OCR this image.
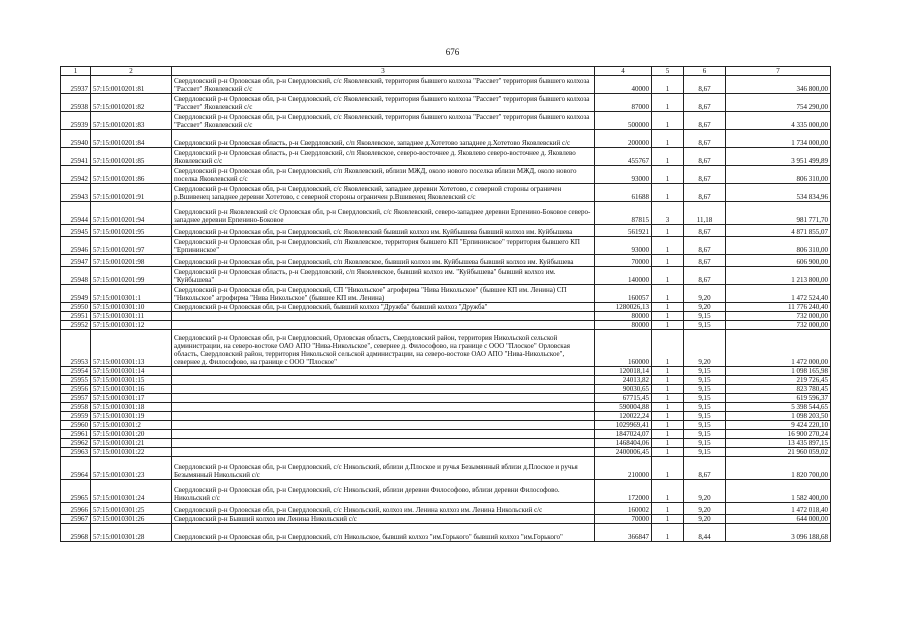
676
1	2	3	4	5	6	7
25937	57:15:0010201:81	Свердловский р-н Орловская обл, р-н Свердловский, с/с Яковлевский, территория бывшего колхоза "Рассвет" территория бывшего колхоза "Рассвет" Яковлевский с/с	40000	1	8,67	346 800,00
25938	57:15:0010201:82	Свердловский р-н Орловская обл, р-н Свердловский, с/с Яковлевский, территория бывшего колхоза "Рассвет" территория бывшего колхоза "Рассвет" Яковлевский с/с	87000	1	8,67	754 290,00
25939	57:15:0010201:83	Свердловский р-н Орловская обл, р-н Свердловский, с/с Яковлевский, территория бывшего колхоза "Рассвет" территория бывшего колхоза "Рассвет" Яковлевский с/с	500000	1	8,67	4 335 000,00
25940	57:15:0010201:84	Свердловский р-н Орловская область, р-н Свердловский, с/п Яковлевское, западнее д.Хотетово западнее д.Хотетово Яковлевский с/с	200000	1	8,67	1 734 000,00
25941	57:15:0010201:85	Свердловский р-н Орловская область, р-н Свердловский, с/п Яковлевское, северо-восточнее д. Яковлево северо-восточнее д. Яковлево Яковлевский с/с	455767	1	8,67	3 951 499,89
25942	57:15:0010201:86	Свердловский р-н Орловская обл, р-н Свердловский, с/п Яковлевский, вблизи МЖД, около нового поселка вблизи МЖД, около нового поселка Яковлевский с/с	93000	1	8,67	806 310,00
25943	57:15:0010201:91	Свердловский р-н Орловская обл, р-н Свердловский, с/с Яковлевский, западнее деревни Хотетово, с северной стороны ограничен р.Вшивенец западнее деревни Хотетово, с северной стороны ограничен р.Вшивенец Яковлевский с/с	61688	1	8,67	534 834,96
25944	57:15:0010201:94	Свердловский р-н Яковлевский с/с Орловская обл, р-н Свердловский, с/с Яковлевский, северо-западнее деревни Ерпенино-Боковое северо-западнее деревни Ерпенино-Боковое	87815	3	11,18	981 771,70
25945	57:15:0010201:95	Свердловский р-н Орловская обл, р-н Свердловский, с/с Яковлевский бывший колхоз им. Куйбышева бывший колхоз им. Куйбышева	561921	1	8,67	4 871 855,07
25946	57:15:0010201:97	Свердловский р-н Орловская обл, р-н Свердловский, с/п Яковлевское, территория бывшего КП "Ерпининское" территория бывшего КП "Ерпининское"	93000	1	8,67	806 310,00
25947	57:15:0010201:98	Свердловский р-н Орловская обл, р-н Свердловский, с/п Яковлевское, бывший колхоз им. Куйбышева бывший колхоз им. Куйбышева	70000	1	8,67	606 900,00
25948	57:15:0010201:99	Свердловский р-н Орловская область, р-н Свердловский, с/п Яковлевское, бывший колхоз им. "Куйбышева" бывший колхоз им. "Куйбышева"	140000	1	8,67	1 213 800,00
25949	57:15:0010301:1	Свердловский р-н Орловская обл, р-н Свердловский, СП "Никольское" агрофирма "Нива Никольское" (бывшее КП им. Ленина) СП "Никольское" агрофирма "Нива Никольское" (бывшее КП им. Ленина)	160057	1	9,20	1 472 524,40
25950	57:15:0010301:10	Свердловский р-н Орловская обл, р-н Свердловский, бывший колхоз "Дружба" бывший колхоз "Дружба"	1280026,13	1	9,20	11 776 240,40
25951	57:15:0010301:11		80000	1	9,15	732 000,00
25952	57:15:0010301:12		80000	1	9,15	732 000,00
25953	57:15:0010301:13	Свердловский р-н Орловская обл, р-н Свердловский, Орловская область, Свердловский район, территория Никольской сельской администрации, на северо-востоке ОАО АПО "Нива-Никольское", севернее д. Философово, на границе с ООО "Плоское" Орловская область, Свердловский район, территория Никольской сельской администрации, на северо-востоке ОАО АПО "Нива-Никольское", севернее д. Философово, на границе с ООО "Плоское"	160000	1	9,20	1 472 000,00
25954	57:15:0010301:14		120018,14	1	9,15	1 098 165,98
25955	57:15:0010301:15		24013,82	1	9,15	219 726,45
25956	57:15:0010301:16		90030,65	1	9,15	823 780,45
25957	57:15:0010301:17		67715,45	1	9,15	619 596,37
25958	57:15:0010301:18		590004,88	1	9,15	5 398 544,65
25959	57:15:0010301:19		120022,24	1	9,15	1 098 203,50
25960	57:15:0010301:2		1029969,41	1	9,15	9 424 220,10
25961	57:15:0010301:20		1847024,07	1	9,15	16 900 270,24
25962	57:15:0010301:21		1468404,06	1	9,15	13 435 897,15
25963	57:15:0010301:22		2400006,45	1	9,15	21 960 059,02
25964	57:15:0010301:23	Свердловский р-н Орловская обл, р-н Свердловский, с/с Никольский, вблизи д.Плоское и ручья Безымянный вблизи д.Плоское и ручья Безымянный Никольский с/с	210000	1	8,67	1 820 700,00
25965	57:15:0010301:24	Свердловский р-н Орловская обл, р-н Свердловский, с/с Никольский, вблизи деревни Философово, вблизи деревни Философово. Никольский с/с	172000	1	9,20	1 582 400,00
25966	57:15:0010301:25	Свердловский р-н Орловская обл, р-н Свердловский, с/с Никольский, колхоз им. Ленина колхоз им. Ленина Никольский с/с	160002	1	9,20	1 472 018,40
25967	57:15:0010301:26	Свердловский р-н Бывший колхоз им Ленина Никольский с/с	70000	1	9,20	644 000,00
25968	57:15:0010301:28	Свердловский р-н Орловская обл, р-н Свердловский, с/п Никольское, бывший колхоз "им.Горького" бывший колхоз "им.Горького"	366847	1	8,44	3 096 188,68
